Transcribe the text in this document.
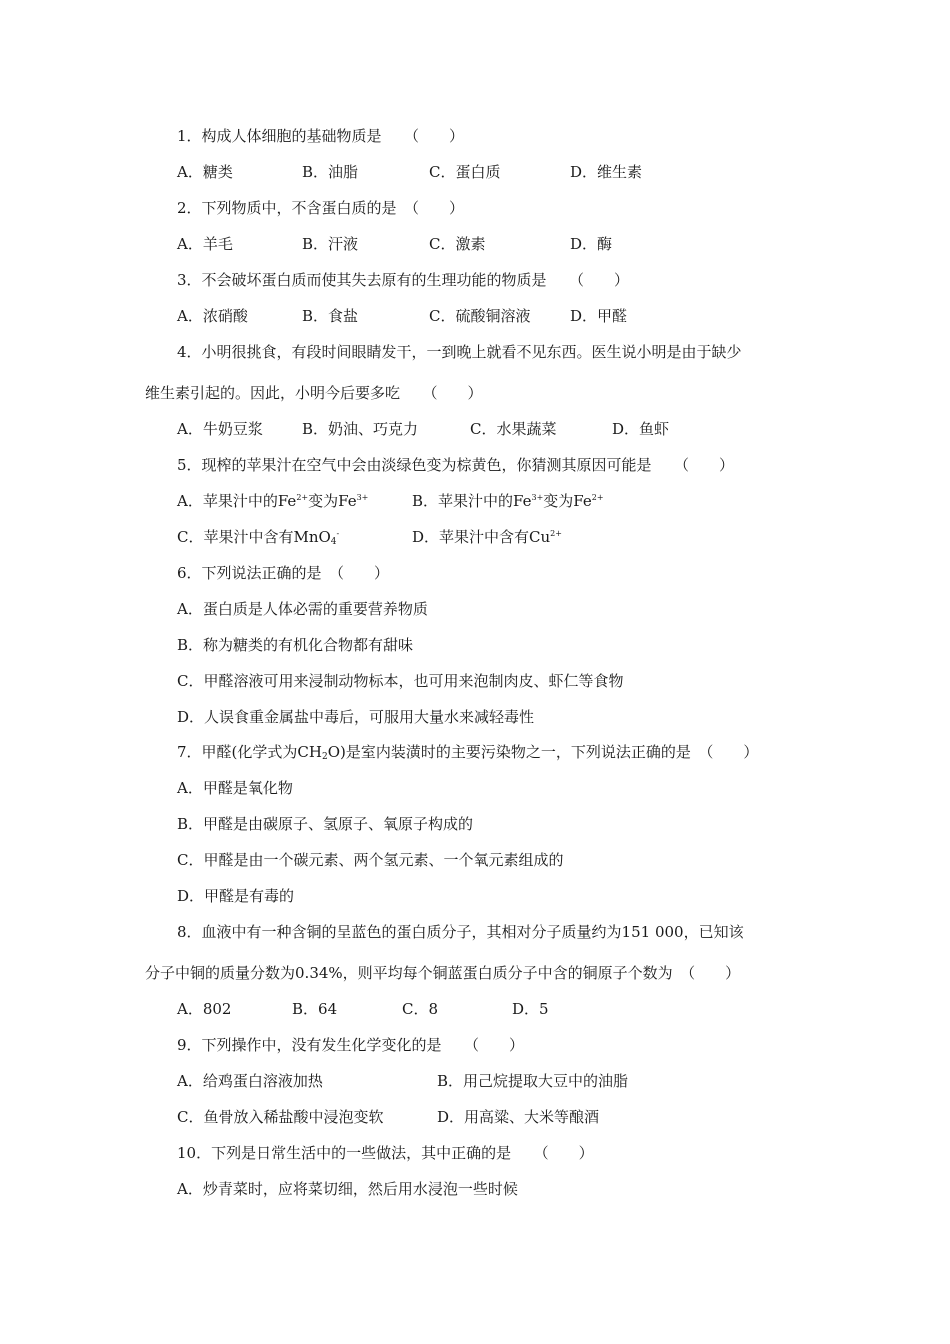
1．构成人体细胞的基础物质是　　（　　）
A．糖类	B．油脂	C．蛋白质	D．维生素
2．下列物质中，不含蛋白质的是　（　　）
A．羊毛	B．汗液	C．激素	D．酶
3．不会破坏蛋白质而使其失去原有的生理功能的物质是　　（　　）
A．浓硝酸	B．食盐	C．硫酸铜溶液	D．甲醛
4．小明很挑食，有段时间眼睛发干，一到晚上就看不见东西。医生说小明是由于缺少
维生素引起的。因此，小明今后要多吃　　（　　）
A．牛奶豆浆	B．奶油、巧克力	C．水果蔬菜	D．鱼虾
5．现榨的苹果汁在空气中会由淡绿色变为棕黄色，你猜测其原因可能是　　（　　）
A．苹果汁中的$Fe^{2+}$变为$Fe^{3+}$	B．苹果汁中的$Fe^{3+}$变为$Fe^{2+}$
C．苹果汁中含有MnO$_4$-	D．苹果汁中含有$Cu^{2+}$
6．下列说法正确的是　（　　）
A．蛋白质是人体必需的重要营养物质
B．称为糖类的有机化合物都有甜味
C．甲醛溶液可用来浸制动物标本，也可用来泡制肉皮、虾仁等食物
D．人误食重金属盐中毒后，可服用大量水来减轻毒性
7．甲醛(化学式为$CH_2O$)是室内装潢时的主要污染物之一，下列说法正确的是　（　　）
A．甲醛是氧化物
B．甲醛是由碳原子、氢原子、氧原子构成的
C．甲醛是由一个碳元素、两个氢元素、一个氧元素组成的
D．甲醛是有毒的
8．血液中有一种含铜的呈蓝色的蛋白质分子，其相对分子质量约为151 000，已知该
分子中铜的质量分数为0.34%，则平均每个铜蓝蛋白质分子中含的铜原子个数为　（　　）
A．802	B．64	C．8	D．5
9．下列操作中，没有发生化学变化的是　　（　　）
A．给鸡蛋白溶液加热	B．用己烷提取大豆中的油脂
C．鱼骨放入稀盐酸中浸泡变软	D．用高粱、大米等酿酒
10．下列是日常生活中的一些做法，其中正确的是　　（　　）
A．炒青菜时，应将菜切细，然后用水浸泡一些时候
